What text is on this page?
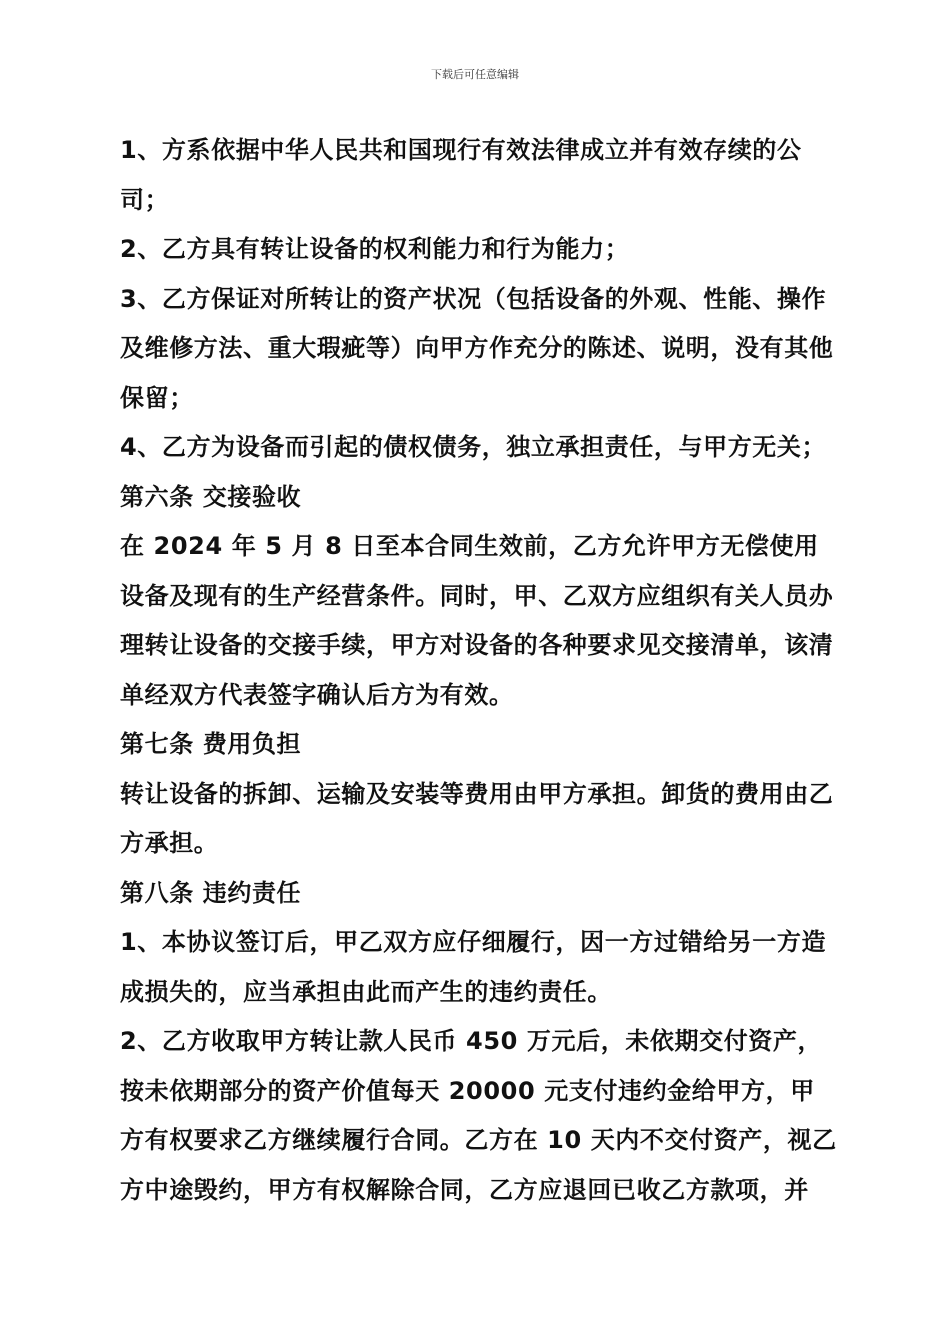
下载后可任意编辑

1、方系依据中华人民共和国现行有效法律成立并有效存续的公司；

2、乙方具有转让设备的权利能力和行为能力；

3、乙方保证对所转让的资产状况（包括设备的外观、性能、操作及维修方法、重大瑕疵等）向甲方作充分的陈述、说明，没有其他保留；

4、乙方为设备而引起的债权债务，独立承担责任，与甲方无关；

第六条 交接验收

在 2024 年 5 月 8 日至本合同生效前，乙方允许甲方无偿使用设备及现有的生产经营条件。同时，甲、乙双方应组织有关人员办理转让设备的交接手续，甲方对设备的各种要求见交接清单，该清单经双方代表签字确认后方为有效。

第七条 费用负担

转让设备的拆卸、运输及安装等费用由甲方承担。卸货的费用由乙方承担。

第八条 违约责任

1、本协议签订后，甲乙双方应仔细履行，因一方过错给另一方造成损失的，应当承担由此而产生的违约责任。

2、乙方收取甲方转让款人民币 450 万元后，未依期交付资产，按未依期部分的资产价值每天 20000 元支付违约金给甲方，甲方有权要求乙方继续履行合同。乙方在 10 天内不交付资产，视乙方中途毁约，甲方有权解除合同，乙方应退回已收乙方款项，并
